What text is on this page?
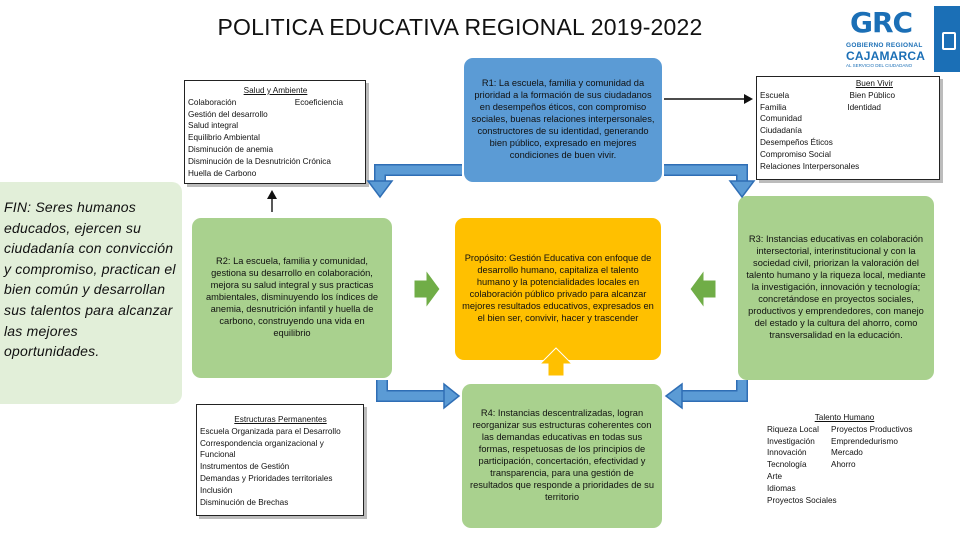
POLITICA EDUCATIVA REGIONAL 2019-2022	GRC
GOBIERNO REGIONAL
CAJAMARCA
AL SERVICIO DEL CIUDADANO
FIN: Seres humanos educados, ejercen su ciudadanía con convicción y compromiso, practican el bien común y desarrollan sus talentos para alcanzar las mejores oportunidades.
Salud y Ambiente
Colaboración	Ecoeficiencia
Gestión del desarrollo
Salud integral
Equilibrio Ambiental
Disminución de anemia
Disminución de la Desnutrición Crónica
Huella de Carbono
R1: La escuela, familia y comunidad da prioridad a la formación de sus ciudadanos en desempeños éticos, con compromiso sociales, buenas relaciones interpersonales, constructores de su identidad, generando bien público, expresado en mejores condiciones de buen vivir.
Buen Vivir
Escuela	Bien Público
Familia	Identidad
Comunidad
Ciudadanía
Desempeños Éticos
Compromiso Social
Relaciones Interpersonales
R2: La escuela, familia y comunidad, gestiona su desarrollo en colaboración, mejora su salud integral y sus practicas ambientales, disminuyendo los índices de anemia, desnutrición infantil y huella de carbono, construyendo una vida en equilibrio
Propósito: Gestión Educativa con enfoque de desarrollo humano, capitaliza el talento humano y la potencialidades locales en colaboración público privado para alcanzar mejores resultados educativos, expresados en el bien ser, convivir, hacer y trascender
R3: Instancias educativas en colaboración intersectorial, interinstitucional y con la sociedad civil, priorizan la valoración del talento humano y la riqueza local, mediante la investigación, innovación y tecnología; concretándose en proyectos sociales, productivos y emprendedores, con manejo del estado y la cultura del ahorro, como transversalidad en la educación.
Estructuras Permanentes
Escuela Organizada para el Desarrollo
Correspondencia organizacional y
Funcional
Instrumentos de Gestión
Demandas y Prioridades territoriales
Inclusión
Disminución de Brechas
R4: Instancias descentralizadas, logran reorganizar sus estructuras coherentes con las demandas educativas en todas sus formas, respetuosas de los principios de participación, concertación, efectividad y transparencia, para una gestión de resultados que responde a prioridades de su territorio
Talento Humano
Riqueza Local	Proyectos Productivos
Investigación	Emprendedurismo
Innovación	Mercado
Tecnología	Ahorro
Arte
Idiomas
Proyectos Sociales
